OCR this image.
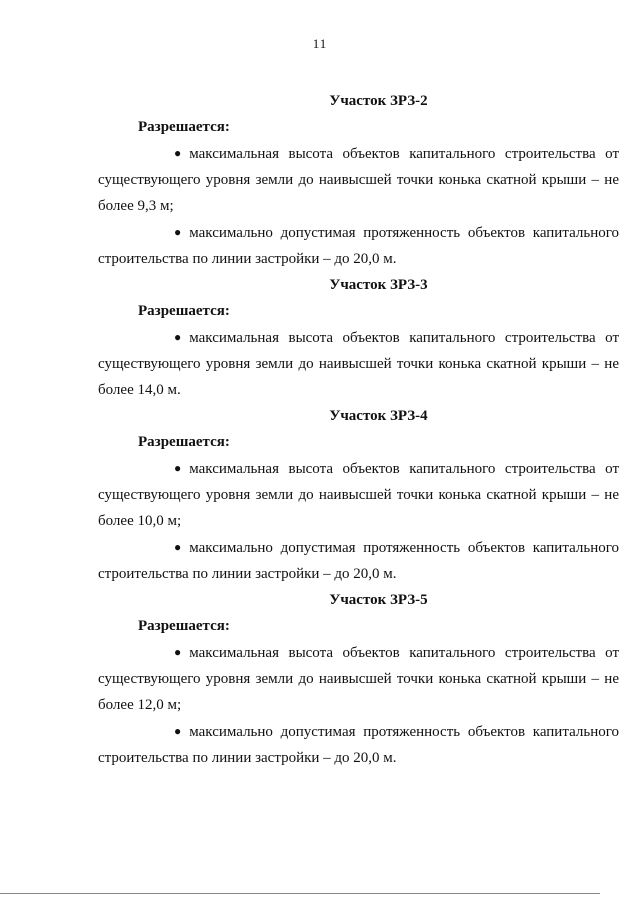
11

Участок ЗРЗ-2

Разрешается:

● максимальная высота объектов капитального строительства от существующего уровня земли до наивысшей точки конька скатной крыши – не более 9,3 м;

● максимально допустимая протяженность объектов капитального строительства по линии застройки – до 20,0 м.

Участок ЗРЗ-3

Разрешается:

● максимальная высота объектов капитального строительства от существующего уровня земли до наивысшей точки конька скатной крыши – не более 14,0 м.

Участок ЗРЗ-4

Разрешается:

● максимальная высота объектов капитального строительства от существующего уровня земли до наивысшей точки конька скатной крыши – не более 10,0 м;

● максимально допустимая протяженность объектов капитального строительства по линии застройки – до 20,0 м.

Участок ЗРЗ-5

Разрешается:

● максимальная высота объектов капитального строительства от существующего уровня земли до наивысшей точки конька скатной крыши – не более 12,0 м;

● максимально допустимая протяженность объектов капитального строительства по линии застройки – до 20,0 м.
